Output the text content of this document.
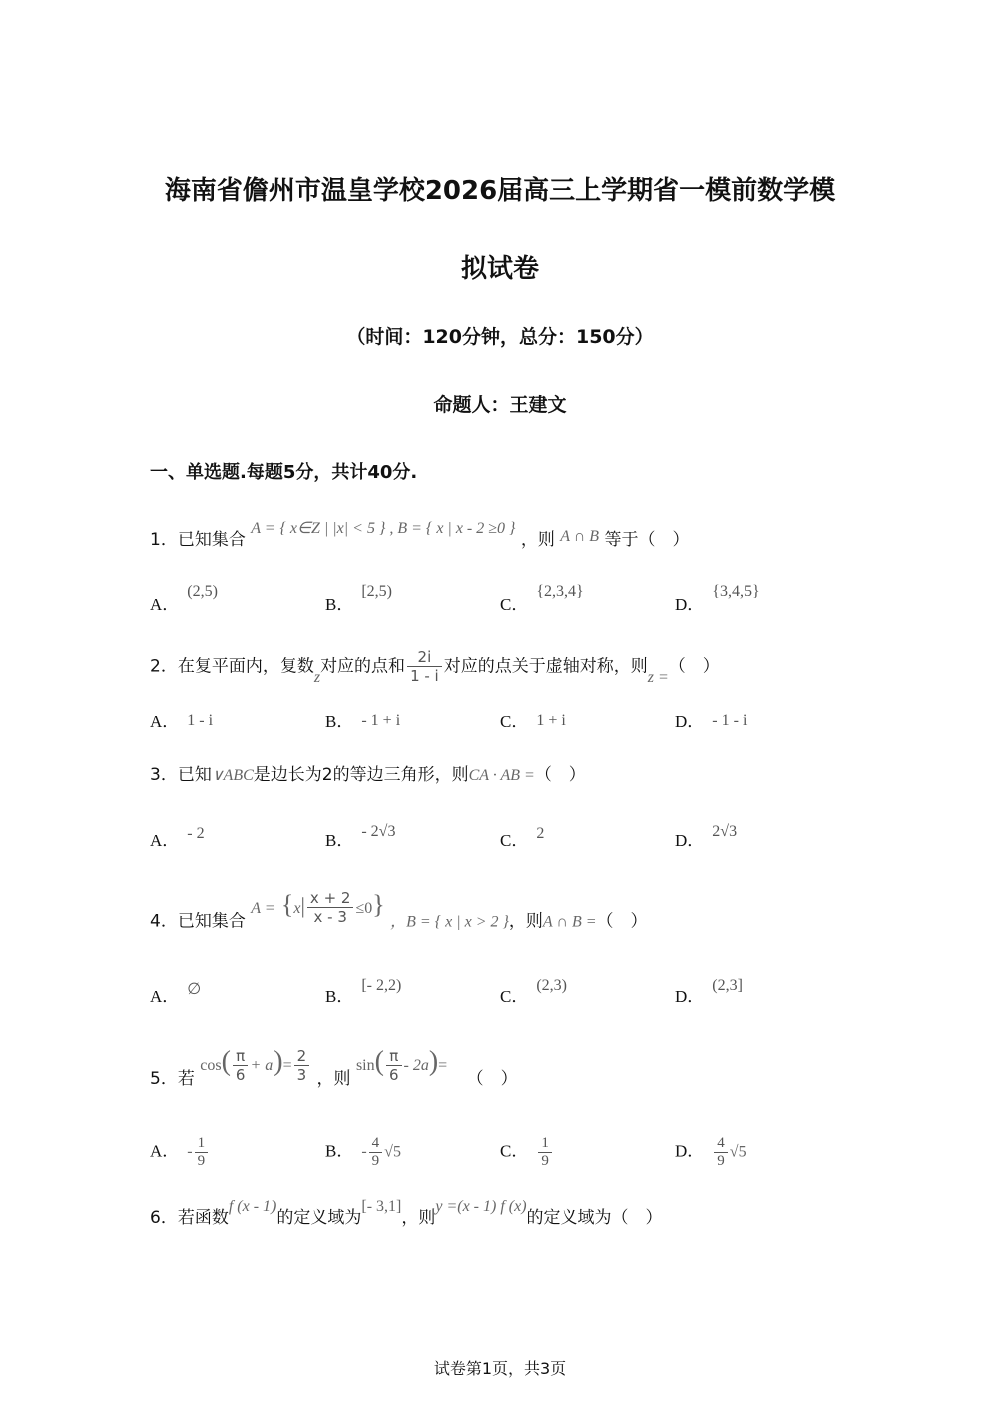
海南省儋州市温皇学校2026届高三上学期省一模前数学模
拟试卷
（时间：120分钟，总分：150分）
命题人：王建文
一、单选题.每题5分，共计40分.
1．已知集合 A = { x∈Z | |x| < 5 } , B = { x | x - 2 ≥0 } ，则 A ∩ B 等于（　）
A．(2,5)
B．[2,5)
C．{2,3,4}
D．{3,4,5}
2．在复平面内，复数z对应的点和 $\frac{2i}{1 - i}$ 对应的点关于虚轴对称，则z =（　）
A． 1 - i	B． - 1 + i	C． 1 + i	D． - 1 - i
3．已知∨ABC是边长为2的等边三角形，则CA · AB =（　）
A． - 2	B． - 2√3	C． 2	D． 2√3
4．已知集合 $A = \{x| \frac{x + 2}{x - 3} \le 0\}$ ，B = { x | x > 2 }，则A ∩ B =（　）
A． ∅	B．[- 2,2)
C．(2,3)
D．(2,3]
5．若 $\cos( \frac{\pi}{6} + a)= \frac{2}{3}$ ，则 $\sin( \frac{\pi}{6} - 2a)=$ （　）
A． - $\frac{1}{9}$	B． - $\frac{4}{9} √5$	C． $\frac{1}{9}$	D． $\frac{4}{9} √5$
6．若函数f (x - 1)的定义域为[- 3,1]，则y =(x - 1) f (x)的定义域为（　）
试卷第1页，共3页
